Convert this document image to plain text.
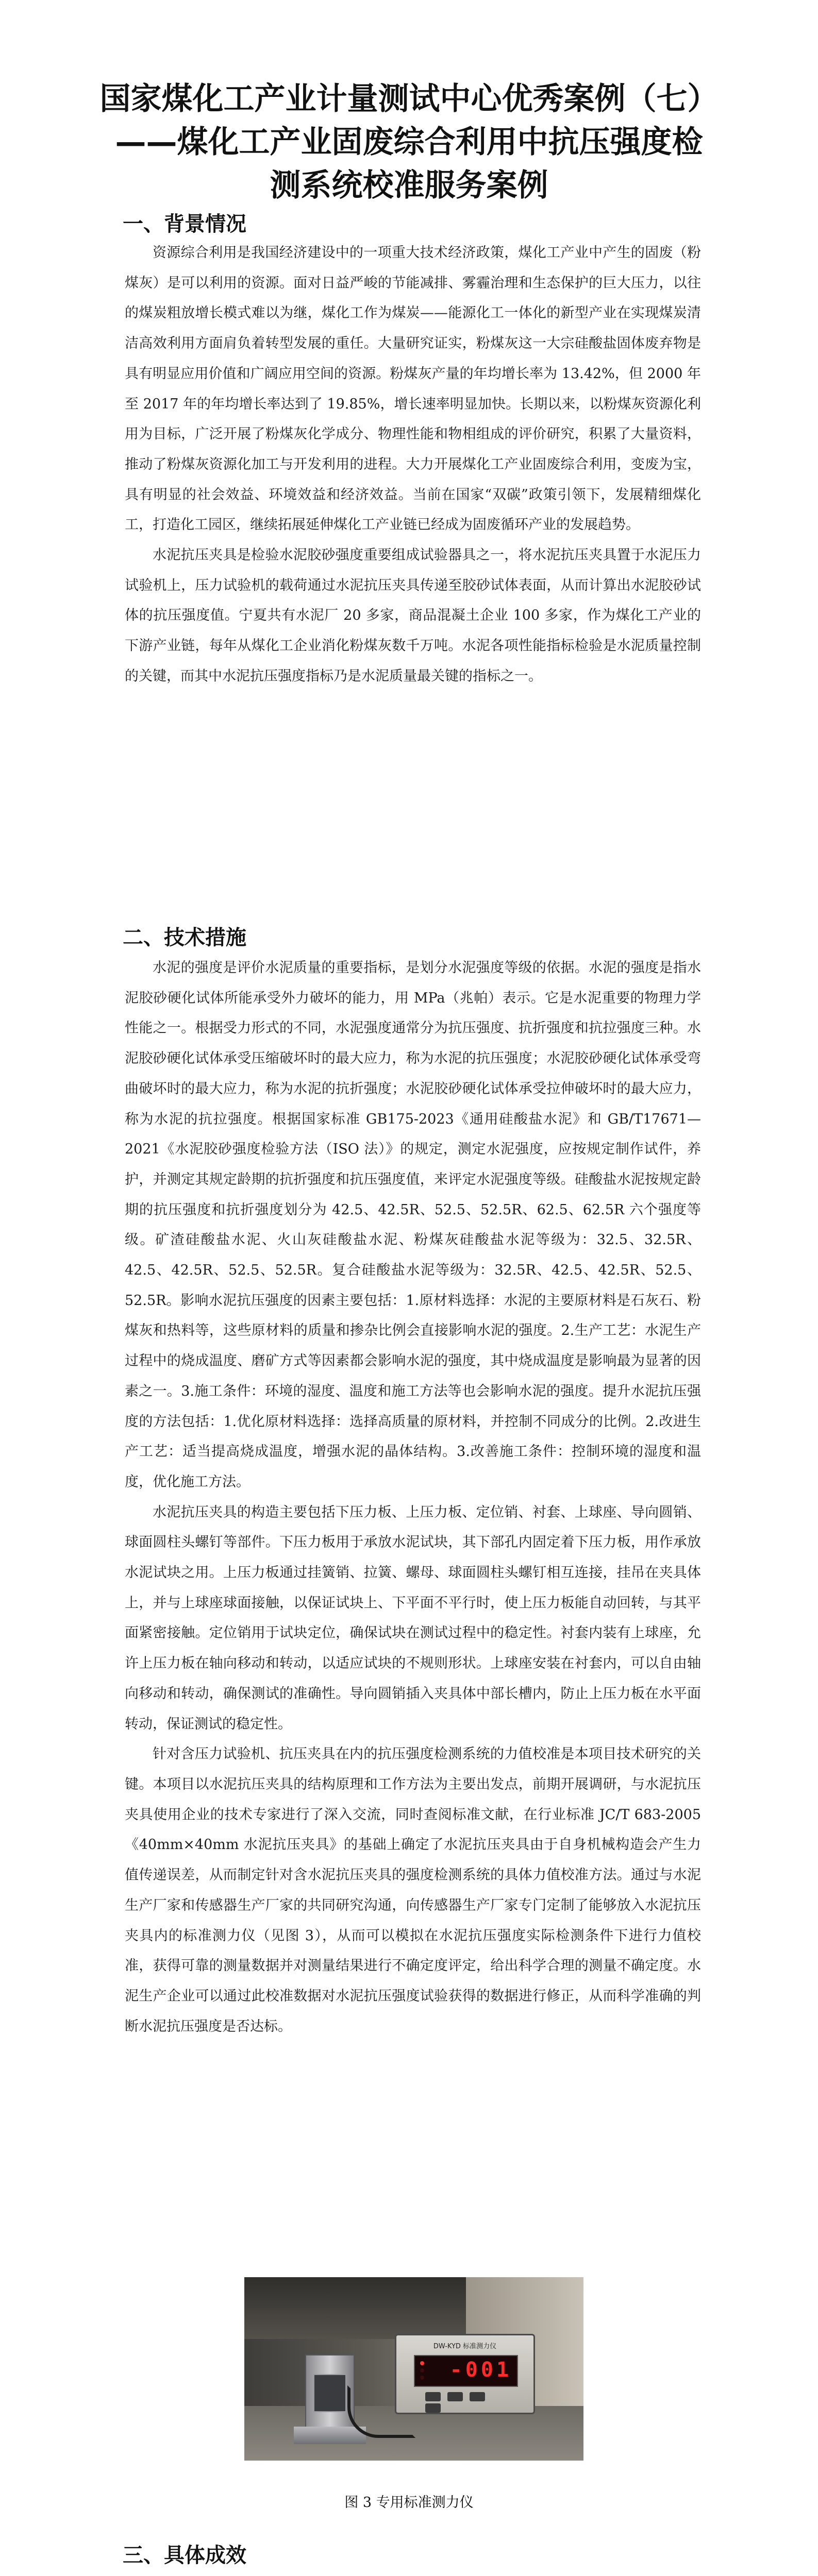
国家煤化工产业计量测试中心优秀案例（七）
——煤化工产业固废综合利用中抗压强度检
测系统校准服务案例
一、背景情况

资源综合利用是我国经济建设中的一项重大技术经济政策，煤化工产业中产生的固废（粉煤灰）是可以利用的资源。面对日益严峻的节能减排、雾霾治理和生态保护的巨大压力，以往的煤炭粗放增长模式难以为继，煤化工作为煤炭——能源化工一体化的新型产业在实现煤炭清洁高效利用方面肩负着转型发展的重任。大量研究证实，粉煤灰这一大宗硅酸盐固体废弃物是具有明显应用价值和广阔应用空间的资源。粉煤灰产量的年均增长率为 13.42%，但 2000 年至 2017 年的年均增长率达到了 19.85%，增长速率明显加快。长期以来，以粉煤灰资源化利用为目标，广泛开展了粉煤灰化学成分、物理性能和物相组成的评价研究，积累了大量资料，推动了粉煤灰资源化加工与开发利用的进程。大力开展煤化工产业固废综合利用，变废为宝，具有明显的社会效益、环境效益和经济效益。当前在国家“双碳”政策引领下，发展精细煤化工，打造化工园区，继续拓展延伸煤化工产业链已经成为固废循环产业的发展趋势。

水泥抗压夹具是检验水泥胶砂强度重要组成试验器具之一，将水泥抗压夹具置于水泥压力试验机上，压力试验机的载荷通过水泥抗压夹具传递至胶砂试体表面，从而计算出水泥胶砂试体的抗压强度值。宁夏共有水泥厂 20 多家，商品混凝土企业 100 多家，作为煤化工产业的下游产业链，每年从煤化工企业消化粉煤灰数千万吨。水泥各项性能指标检验是水泥质量控制的关键，而其中水泥抗压强度指标乃是水泥质量最关键的指标之一。

二、技术措施

水泥的强度是评价水泥质量的重要指标，是划分水泥强度等级的依据。水泥的强度是指水泥胶砂硬化试体所能承受外力破坏的能力，用 MPa（兆帕）表示。它是水泥重要的物理力学性能之一。根据受力形式的不同，水泥强度通常分为抗压强度、抗折强度和抗拉强度三种。水泥胶砂硬化试体承受压缩破坏时的最大应力，称为水泥的抗压强度；水泥胶砂硬化试体承受弯曲破坏时的最大应力，称为水泥的抗折强度；水泥胶砂硬化试体承受拉伸破坏时的最大应力，称为水泥的抗拉强度。根据国家标准 GB175-2023《通用硅酸盐水泥》和 GB/T17671—2021《水泥胶砂强度检验方法（ISO 法）》的规定，测定水泥强度，应按规定制作试件，养护，并测定其规定龄期的抗折强度和抗压强度值，来评定水泥强度等级。硅酸盐水泥按规定龄期的抗压强度和抗折强度划分为 42.5、42.5R、52.5、52.5R、62.5、62.5R 六个强度等级。矿渣硅酸盐水泥、火山灰硅酸盐水泥、粉煤灰硅酸盐水泥等级为：32.5、32.5R、42.5、42.5R、52.5、52.5R。复合硅酸盐水泥等级为：32.5R、42.5、42.5R、52.5、52.5R。影响水泥抗压强度的因素主要包括：1.原材料选择：水泥的主要原材料是石灰石、粉煤灰和热料等，这些原材料的质量和掺杂比例会直接影响水泥的强度。2.生产工艺：水泥生产过程中的烧成温度、磨矿方式等因素都会影响水泥的强度，其中烧成温度是影响最为显著的因素之一。3.施工条件：环境的湿度、温度和施工方法等也会影响水泥的强度。提升水泥抗压强度的方法包括：1.优化原材料选择：选择高质量的原材料，并控制不同成分的比例。2.改进生产工艺：适当提高烧成温度，增强水泥的晶体结构。3.改善施工条件：控制环境的湿度和温度，优化施工方法。

水泥抗压夹具的构造主要包括下压力板、上压力板、定位销、衬套、上球座、导向圆销、球面圆柱头螺钉等部件。下压力板用于承放水泥试块，其下部孔内固定着下压力板，用作承放水泥试块之用。上压力板通过挂簧销、拉簧、螺母、球面圆柱头螺钉相互连接，挂吊在夹具体上，并与上球座球面接触，以保证试块上、下平面不平行时，使上压力板能自动回转，与其平面紧密接触。定位销用于试块定位，确保试块在测试过程中的稳定性。衬套内装有上球座，允许上压力板在轴向移动和转动，以适应试块的不规则形状。上球座安装在衬套内，可以自由轴向移动和转动，确保测试的准确性。导向圆销插入夹具体中部长槽内，防止上压力板在水平面转动，保证测试的稳定性。

针对含压力试验机、抗压夹具在内的抗压强度检测系统的力值校准是本项目技术研究的关键。本项目以水泥抗压夹具的结构原理和工作方法为主要出发点，前期开展调研，与水泥抗压夹具使用企业的技术专家进行了深入交流，同时查阅标准文献，在行业标准 JC/T 683-2005《40mm×40mm 水泥抗压夹具》的基础上确定了水泥抗压夹具由于自身机械构造会产生力值传递误差，从而制定针对含水泥抗压夹具的强度检测系统的具体力值校准方法。通过与水泥生产厂家和传感器生产厂家的共同研究沟通，向传感器生产厂家专门定制了能够放入水泥抗压夹具内的标准测力仪（见图 3），从而可以模拟在水泥抗压强度实际检测条件下进行力值校准，获得可靠的测量数据并对测量结果进行不确定度评定，给出科学合理的测量不确定度。水泥生产企业可以通过此校准数据对水泥抗压强度试验获得的数据进行修正，从而科学准确的判断水泥抗压强度是否达标。

DW-KYD 标准测力仪
-001

图 3 专用标准测力仪
三、具体成效
